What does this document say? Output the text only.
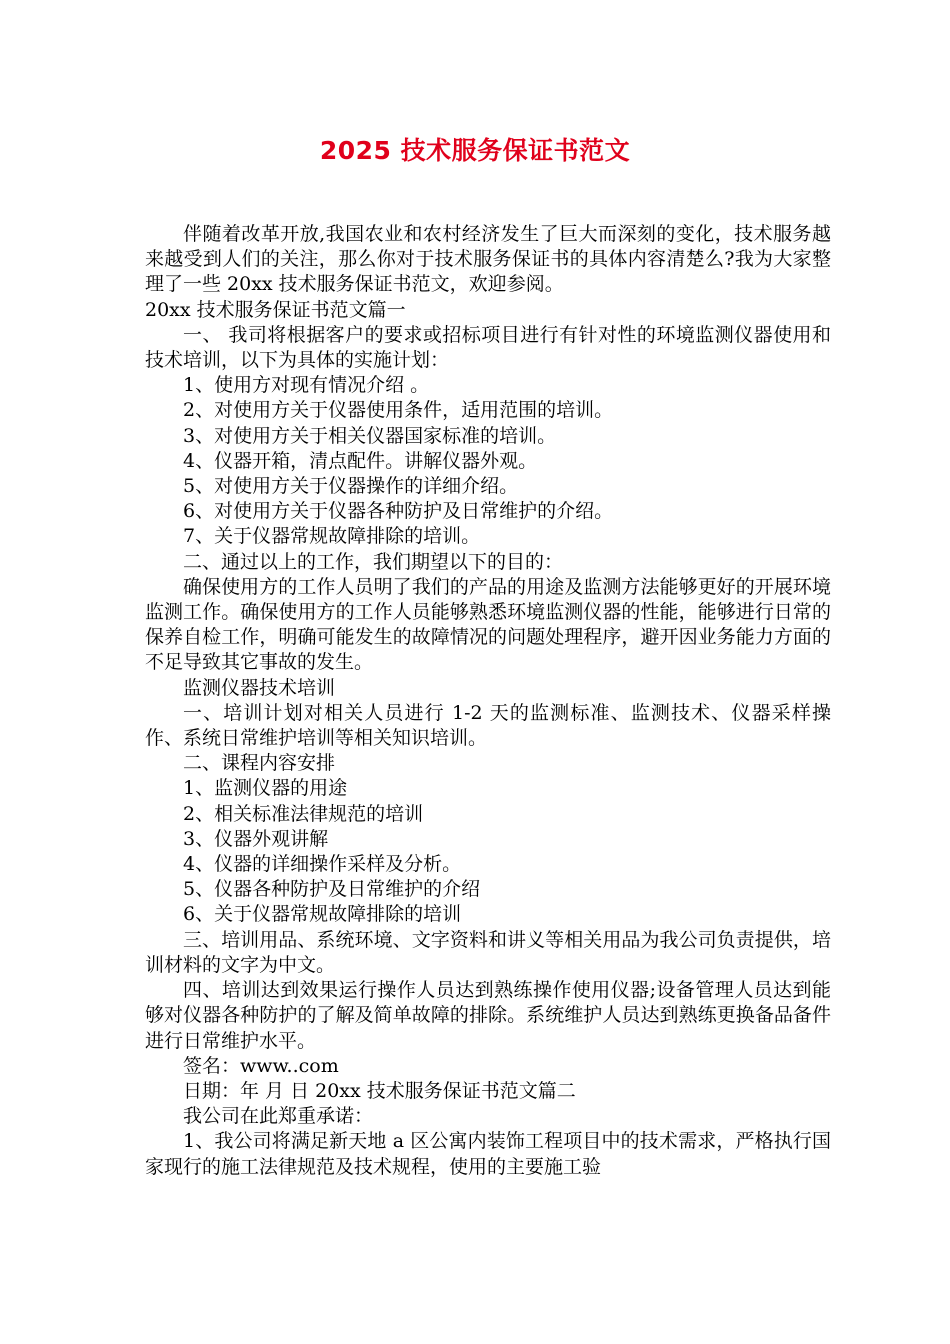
2025 技术服务保证书范文

伴随着改革开放,我国农业和农村经济发生了巨大而深刻的变化，技术服务越来越受到人们的关注，那么你对于技术服务保证书的具体内容清楚么?我为大家整理了一些 20xx 技术服务保证书范文，欢迎参阅。

20xx 技术服务保证书范文篇一

一、 我司将根据客户的要求或招标项目进行有针对性的环境监测仪器使用和技术培训，以下为具体的实施计划：

1、使用方对现有情况介绍 。

2、对使用方关于仪器使用条件，适用范围的培训。

3、对使用方关于相关仪器国家标准的培训。

4、仪器开箱，清点配件。讲解仪器外观。

5、对使用方关于仪器操作的详细介绍。

6、对使用方关于仪器各种防护及日常维护的介绍。

7、关于仪器常规故障排除的培训。

二、通过以上的工作，我们期望以下的目的：

确保使用方的工作人员明了我们的产品的用途及监测方法能够更好的开展环境监测工作。确保使用方的工作人员能够熟悉环境监测仪器的性能，能够进行日常的保养自检工作，明确可能发生的故障情况的问题处理程序，避开因业务能力方面的不足导致其它事故的发生。

监测仪器技术培训

一、培训计划对相关人员进行 1-2 天的监测标准、监测技术、仪器采样操作、系统日常维护培训等相关知识培训。

二、课程内容安排

1、监测仪器的用途

2、相关标准法律规范的培训

3、仪器外观讲解

4、仪器的详细操作采样及分析。

5、仪器各种防护及日常维护的介绍

6、关于仪器常规故障排除的培训

三、培训用品、系统环境、文字资料和讲义等相关用品为我公司负责提供，培训材料的文字为中文。

四、培训达到效果运行操作人员达到熟练操作使用仪器;设备管理人员达到能够对仪器各种防护的了解及简单故障的排除。系统维护人员达到熟练更换备品备件进行日常维护水平。

签名：www..com

日期：年 月 日 20xx 技术服务保证书范文篇二

我公司在此郑重承诺：

1、我公司将满足新天地 a 区公寓内装饰工程项目中的技术需求，严格执行国家现行的施工法律规范及技术规程，使用的主要施工验
